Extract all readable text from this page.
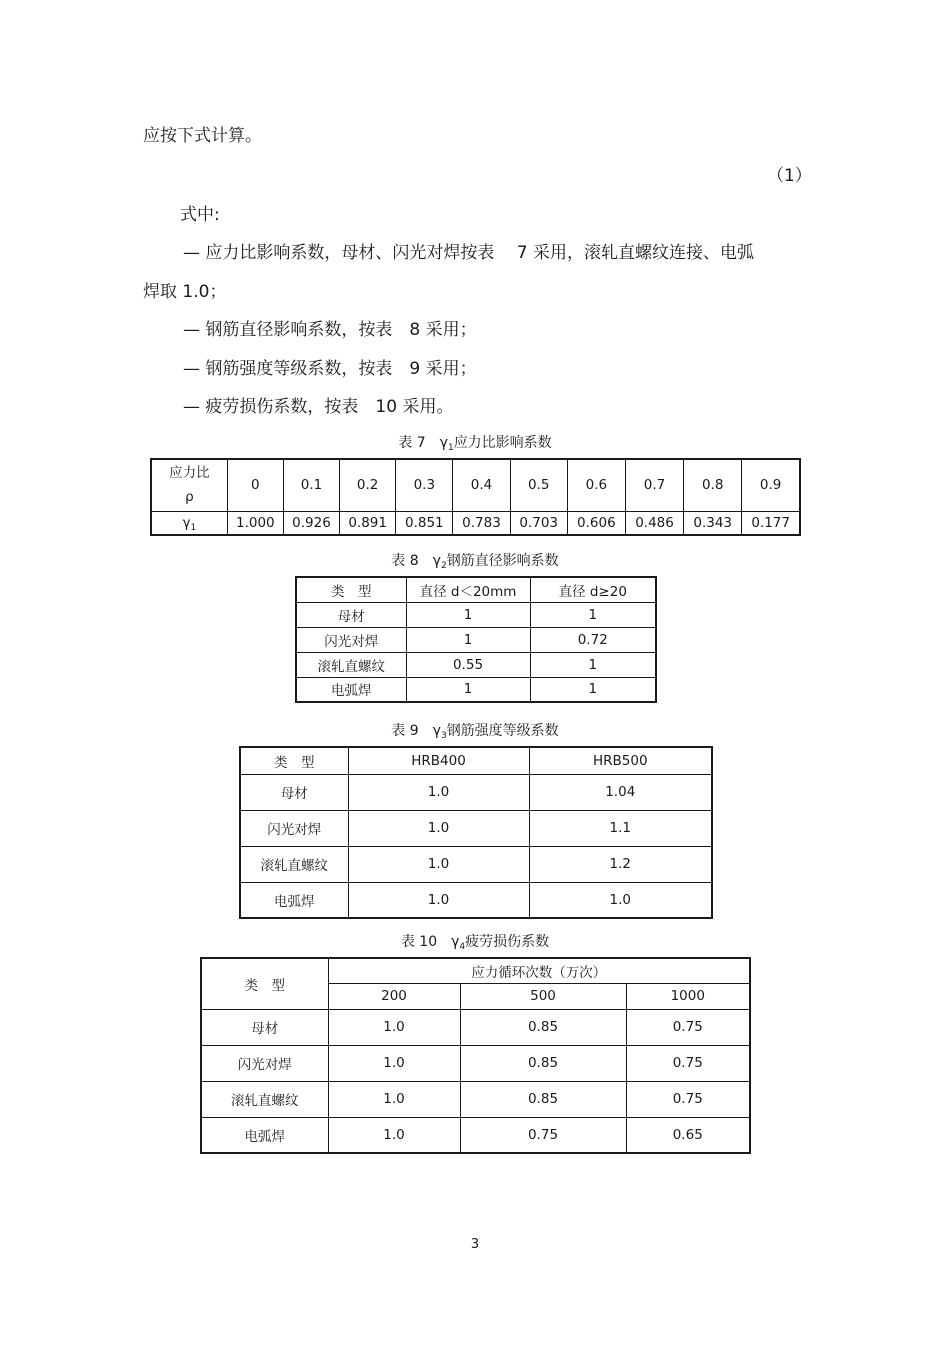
应按下式计算。
（1）
式中:
— 应力比影响系数，母材、闪光对焊按表　 7 采用，滚轧直螺纹连接、电弧
焊取 1.0；
— 钢筋直径影响系数，按表　8 采用；
— 钢筋强度等级系数，按表　9 采用；
— 疲劳损伤系数，按表　10 采用。
表 7　$\gamma_1$应力比影响系数
应力比
ρ	0	0.1	0.2	0.3	0.4	0.5	0.6	0.7	0.8	0.9
$\gamma_1$	1.000	0.926	0.891	0.851	0.783	0.703	0.606	0.486	0.343	0.177
表 8　$\gamma_2$钢筋直径影响系数
类　型	直径 d＜20mm	直径 d≥20
母材	1	1
闪光对焊	1	0.72
滚轧直螺纹	0.55	1
电弧焊	1	1
表 9　$\gamma_3$钢筋强度等级系数
类　型	HRB400	HRB500
母材	1.0	1.04
闪光对焊	1.0	1.1
滚轧直螺纹	1.0	1.2
电弧焊	1.0	1.0
表 10　$\gamma_4$疲劳损伤系数
类　型	应力循环次数（万次）		
	200	500	1000
母材	1.0	0.85	0.75
闪光对焊	1.0	0.85	0.75
滚轧直螺纹	1.0	0.85	0.75
电弧焊	1.0	0.75	0.65
3
